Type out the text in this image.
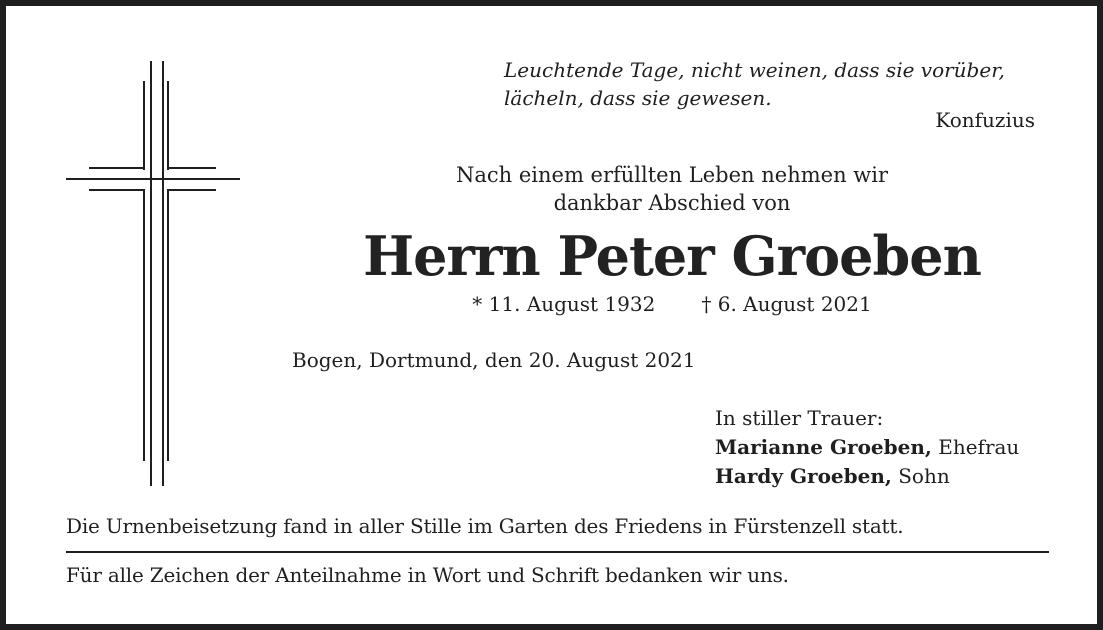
Leuchtende Tage, nicht weinen, dass sie vorüber,
lächeln, dass sie gewesen.
Konfuzius
Nach einem erfüllten Leben nehmen wir
dankbar Abschied von
Herrn Peter Groeben
* 11. August 1932 † 6. August 2021
Bogen, Dortmund, den 20. August 2021
In stiller Trauer:
Marianne Groeben, Ehefrau
Hardy Groeben, Sohn
Die Urnenbeisetzung fand in aller Stille im Garten des Friedens in Fürstenzell statt.
Für alle Zeichen der Anteilnahme in Wort und Schrift bedanken wir uns.
